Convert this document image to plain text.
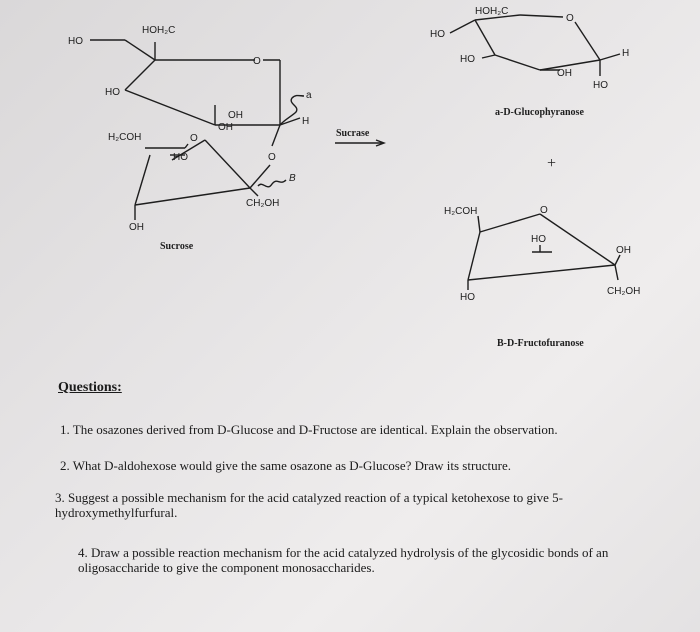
HOH₂C
HO
HO
H₂COH
OH
O
HO
O
OH
H
O
CH₂OH
OH
a
B
Sucrose
Sucrase
HOH₂C
O
HO
HO
H
OH
HO
a-D-Glucophyranose
+
H₂COH	O
HO
OH
CH₂OH
HO
B-D-Fructofuranose
Questions:
1. The osazones derived from D-Glucose and D-Fructose are identical. Explain the observation.
2. What D-aldohexose would give the same osazone as D-Glucose? Draw its structure.
3. Suggest a possible mechanism for the acid catalyzed reaction of a typical ketohexose to give 5-hydroxymethylfurfural.
4. Draw a possible reaction mechanism for the acid catalyzed hydrolysis of the glycosidic bonds of an oligosaccharide to give the component monosaccharides.
